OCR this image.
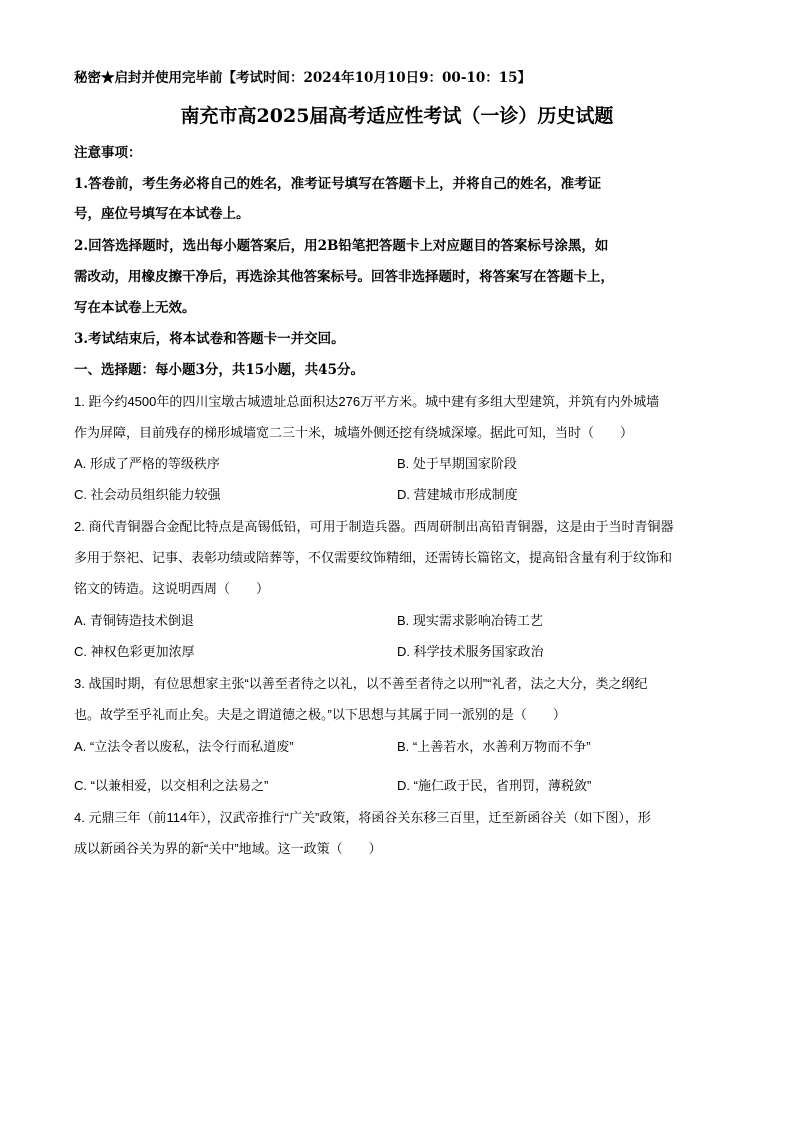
秘密★启封并使用完毕前【考试时间：2024年10月10日9：00-10：15】
南充市高2025届高考适应性考试（一诊）历史试题
注意事项：
1.答卷前，考生务必将自己的姓名，准考证号填写在答题卡上，并将自己的姓名，准考证
号，座位号填写在本试卷上。
2.回答选择题时，选出每小题答案后，用2B铅笔把答题卡上对应题目的答案标号涂黑，如
需改动，用橡皮擦干净后，再选涂其他答案标号。回答非选择题时，将答案写在答题卡上，
写在本试卷上无效。
3.考试结束后，将本试卷和答题卡一并交回。
一、选择题：每小题3分，共15小题，共45分。
1. 距今约4500年的四川宝墩古城遗址总面积达276万平方米。城中建有多组大型建筑，并筑有内外城墙
作为屏障，目前残存的梯形城墙宽二三十米，城墙外侧还挖有绕城深壕。据此可知，当时（　　）
A. 形成了严格的等级秩序	B. 处于早期国家阶段
C. 社会动员组织能力较强	D. 营建城市形成制度
2. 商代青铜器合金配比特点是高锡低铅，可用于制造兵器。西周研制出高铅青铜器，这是由于当时青铜器
多用于祭祀、记事、表彰功绩或陪葬等，不仅需要纹饰精细，还需铸长篇铭文，提高铅含量有利于纹饰和
铭文的铸造。这说明西周（　　）
A. 青铜铸造技术倒退	B. 现实需求影响冶铸工艺
C. 神权色彩更加浓厚	D. 科学技术服务国家政治
3. 战国时期，有位思想家主张“以善至者待之以礼，以不善至者待之以刑”“礼者，法之大分，类之纲纪
也。故学至乎礼而止矣。夫是之谓道德之极。”以下思想与其属于同一派别的是（　　）
A. “立法令者以废私，法令行而私道废”	B. “上善若水，水善利万物而不争”
C. “以兼相爱，以交相利之法易之”	D. “施仁政于民，省刑罚，薄税敛”
4. 元鼎三年（前114年），汉武帝推行“广关”政策，将函谷关东移三百里，迁至新函谷关（如下图），形
成以新函谷关为界的新“关中”地域。这一政策（　　）
